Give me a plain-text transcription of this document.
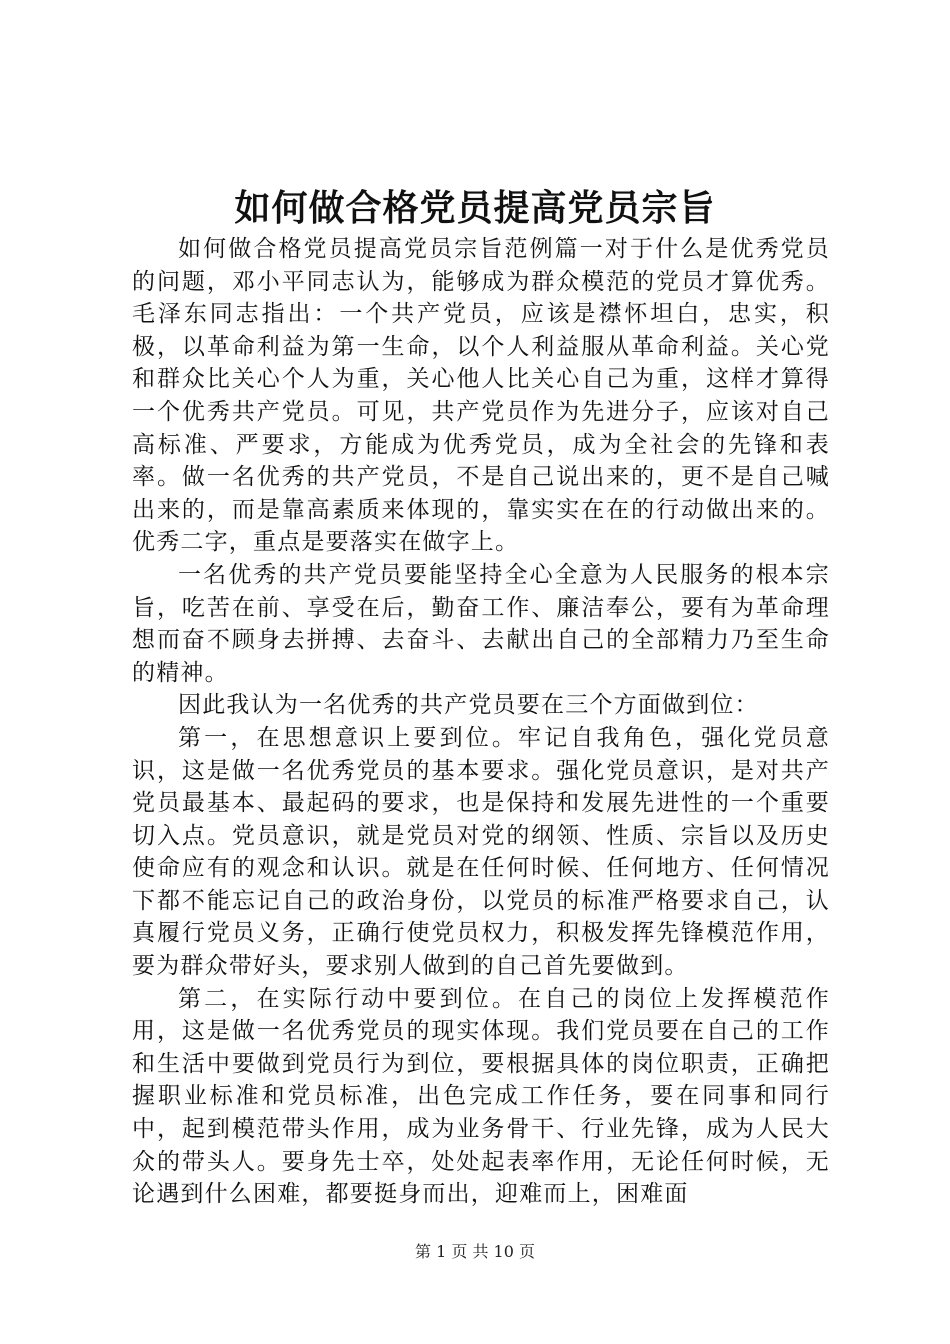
如何做合格党员提高党员宗旨

如何做合格党员提高党员宗旨范例篇一对于什么是优秀党员的问题，邓小平同志认为，能够成为群众模范的党员才算优秀。毛泽东同志指出：一个共产党员，应该是襟怀坦白，忠实，积极，以革命利益为第一生命，以个人利益服从革命利益。关心党和群众比关心个人为重，关心他人比关心自己为重，这样才算得一个优秀共产党员。可见，共产党员作为先进分子，应该对自己高标准、严要求，方能成为优秀党员，成为全社会的先锋和表率。做一名优秀的共产党员，不是自己说出来的，更不是自己喊出来的，而是靠高素质来体现的，靠实实在在的行动做出来的。优秀二字，重点是要落实在做字上。

一名优秀的共产党员要能坚持全心全意为人民服务的根本宗旨，吃苦在前、享受在后，勤奋工作、廉洁奉公，要有为革命理想而奋不顾身去拼搏、去奋斗、去献出自己的全部精力乃至生命的精神。

因此我认为一名优秀的共产党员要在三个方面做到位：

第一，在思想意识上要到位。牢记自我角色，强化党员意识，这是做一名优秀党员的基本要求。强化党员意识，是对共产党员最基本、最起码的要求，也是保持和发展先进性的一个重要切入点。党员意识，就是党员对党的纲领、性质、宗旨以及历史使命应有的观念和认识。就是在任何时候、任何地方、任何情况下都不能忘记自己的政治身份，以党员的标准严格要求自己，认真履行党员义务，正确行使党员权力，积极发挥先锋模范作用，要为群众带好头，要求别人做到的自己首先要做到。

第二，在实际行动中要到位。在自己的岗位上发挥模范作用，这是做一名优秀党员的现实体现。我们党员要在自己的工作和生活中要做到党员行为到位，要根据具体的岗位职责，正确把握职业标准和党员标准，出色完成工作任务，要在同事和同行中，起到模范带头作用，成为业务骨干、行业先锋，成为人民大众的带头人。要身先士卒，处处起表率作用，无论任何时候，无论遇到什么困难，都要挺身而出，迎难而上，困难面

第 1 页 共 10 页
